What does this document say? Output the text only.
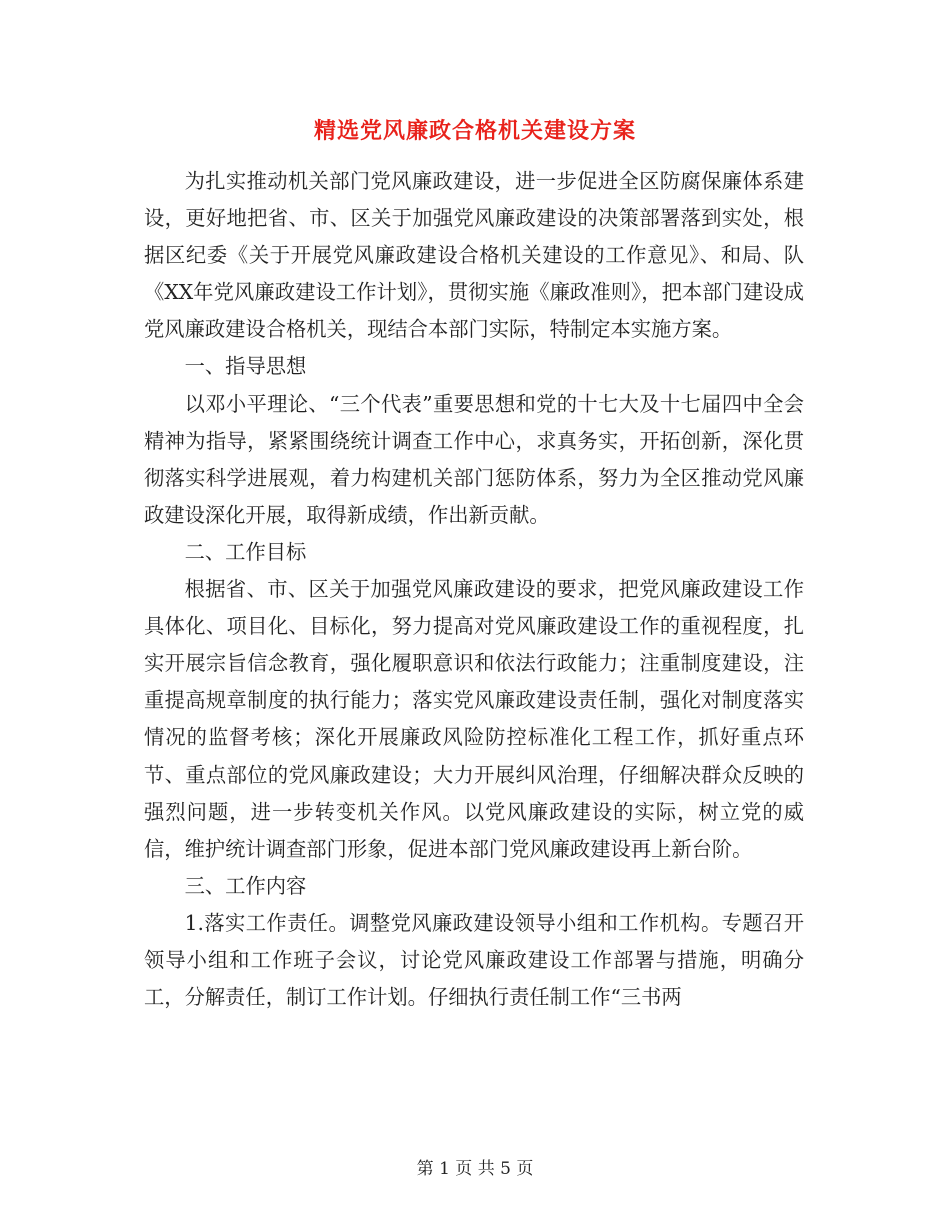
精选党风廉政合格机关建设方案

为扎实推动机关部门党风廉政建设，进一步促进全区防腐保廉体系建设，更好地把省、市、区关于加强党风廉政建设的决策部署落到实处，根据区纪委《关于开展党风廉政建设合格机关建设的工作意见》、和局、队《XX年党风廉政建设工作计划》，贯彻实施《廉政准则》，把本部门建设成党风廉政建设合格机关，现结合本部门实际，特制定本实施方案。

一、指导思想

以邓小平理论、“三个代表”重要思想和党的十七大及十七届四中全会精神为指导，紧紧围绕统计调查工作中心，求真务实，开拓创新，深化贯彻落实科学进展观，着力构建机关部门惩防体系，努力为全区推动党风廉政建设深化开展，取得新成绩，作出新贡献。

二、工作目标

根据省、市、区关于加强党风廉政建设的要求，把党风廉政建设工作具体化、项目化、目标化，努力提高对党风廉政建设工作的重视程度，扎实开展宗旨信念教育，强化履职意识和依法行政能力；注重制度建设，注重提高规章制度的执行能力；落实党风廉政建设责任制，强化对制度落实情况的监督考核；深化开展廉政风险防控标准化工程工作，抓好重点环节、重点部位的党风廉政建设；大力开展纠风治理，仔细解决群众反映的强烈问题，进一步转变机关作风。以党风廉政建设的实际，树立党的威信，维护统计调查部门形象，促进本部门党风廉政建设再上新台阶。

三、工作内容

1.落实工作责任。调整党风廉政建设领导小组和工作机构。专题召开领导小组和工作班子会议，讨论党风廉政建设工作部署与措施，明确分工，分解责任，制订工作计划。仔细执行责任制工作“三书两

第 1 页 共 5 页
